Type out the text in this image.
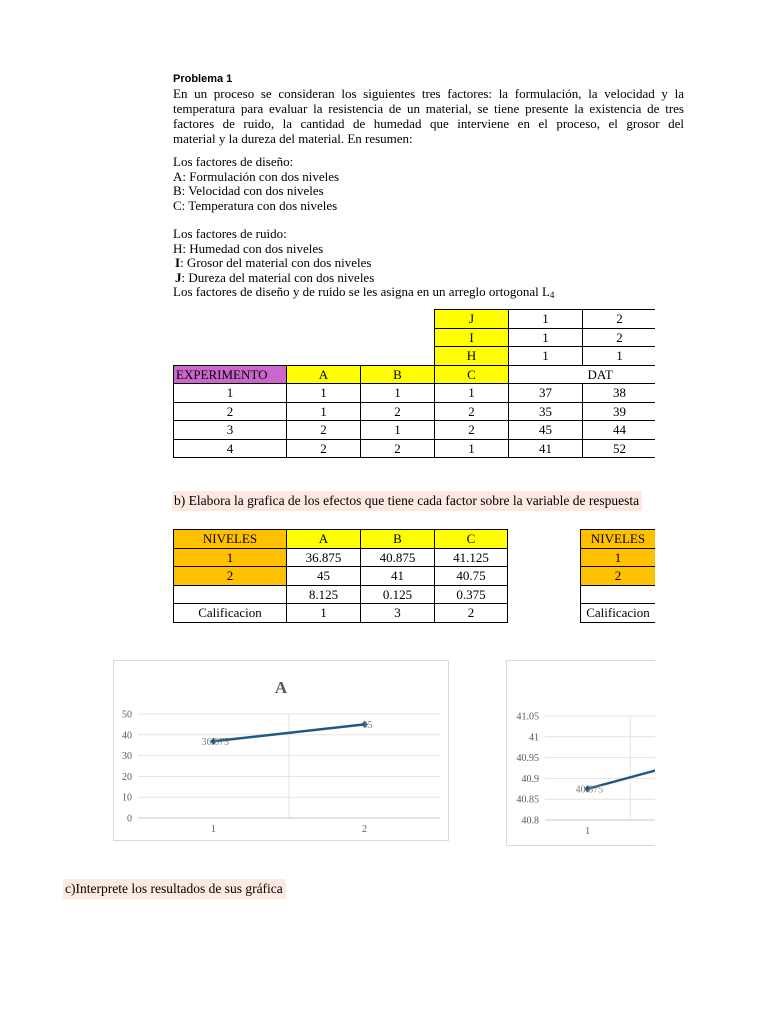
Problema 1
En un proceso se consideran los siguientes tres factores: la formulación, la velocidad y la
temperatura para evaluar la resistencia de un material, se tiene presente la existencia de tres
factores de ruido, la cantidad de humedad que interviene en el proceso, el grosor del
material y la dureza del material. En resumen:
Los factores de diseño:
A: Formulación con dos niveles
B: Velocidad con dos niveles
C: Temperatura con dos niveles
Los factores de ruido:
H: Humedad con dos niveles
I: Grosor del material con dos niveles
J: Dureza del material con dos niveles
Los factores de diseño y de ruido se les asigna en un arreglo ortogonal $L_4$
			J	1	2	
			I	1	2	
			H	1	1	
EXPERIMENTO	A	B	C	DAT		
1	1	1	1	37	38	
2	1	2	2	35	39	
3	2	1	2	45	44	
4	2	2	1	41	52	
b) Elabora la grafica de los efectos que tiene cada factor sobre la variable de respuesta
NIVELES	A	B	C
1	36.875	40.875	41.125
2	45	41	40.75
	8.125	0.125	0.375
Calificacion	1	3	2
NIVELES	
1	
2	

Calificacion	
0
10
20
30
40
50
1	2
36.875
45
A
40.8
40.85
40.9
40.95
41
41.05
1
40.875
c)Interprete los resultados de sus gráfica
